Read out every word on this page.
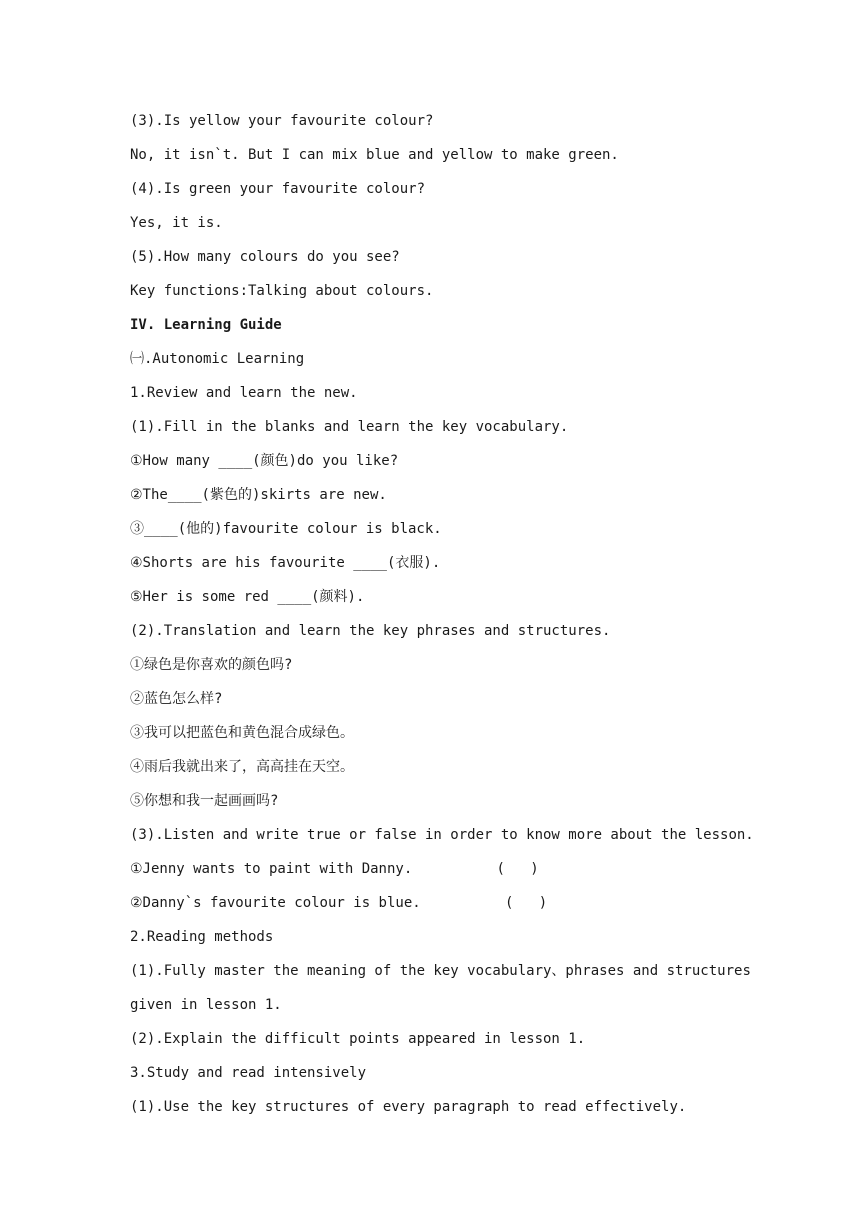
(3).Is yellow your favourite colour?
No, it isn`t. But I can mix blue and yellow to make green.
(4).Is green your favourite colour?
Yes, it is.
(5).How many colours do you see?
Key functions:Talking about colours.
IV. Learning Guide
㈠.Autonomic Learning
1.Review and learn the new.
(1).Fill in the blanks and learn the key vocabulary.
①How many ____(颜色)do you like?
②The____(紫色的)skirts are new.
③____(他的)favourite colour is black.
④Shorts are his favourite ____(衣服).
⑤Her is some red ____(颜料).
(2).Translation and learn the key phrases and structures.
①绿色是你喜欢的颜色吗?
②蓝色怎么样?
③我可以把蓝色和黄色混合成绿色。
④雨后我就出来了，高高挂在天空。
⑤你想和我一起画画吗?
(3).Listen and write true or false in order to know more about the lesson.
①Jenny wants to paint with Danny.          (   )
②Danny`s favourite colour is blue.          (   )
2.Reading methods
(1).Fully master the meaning of the key vocabulary、phrases and structures given in lesson 1.
(2).Explain the difficult points appeared in lesson 1.
3.Study and read intensively
(1).Use the key structures of every paragraph to read effectively.
